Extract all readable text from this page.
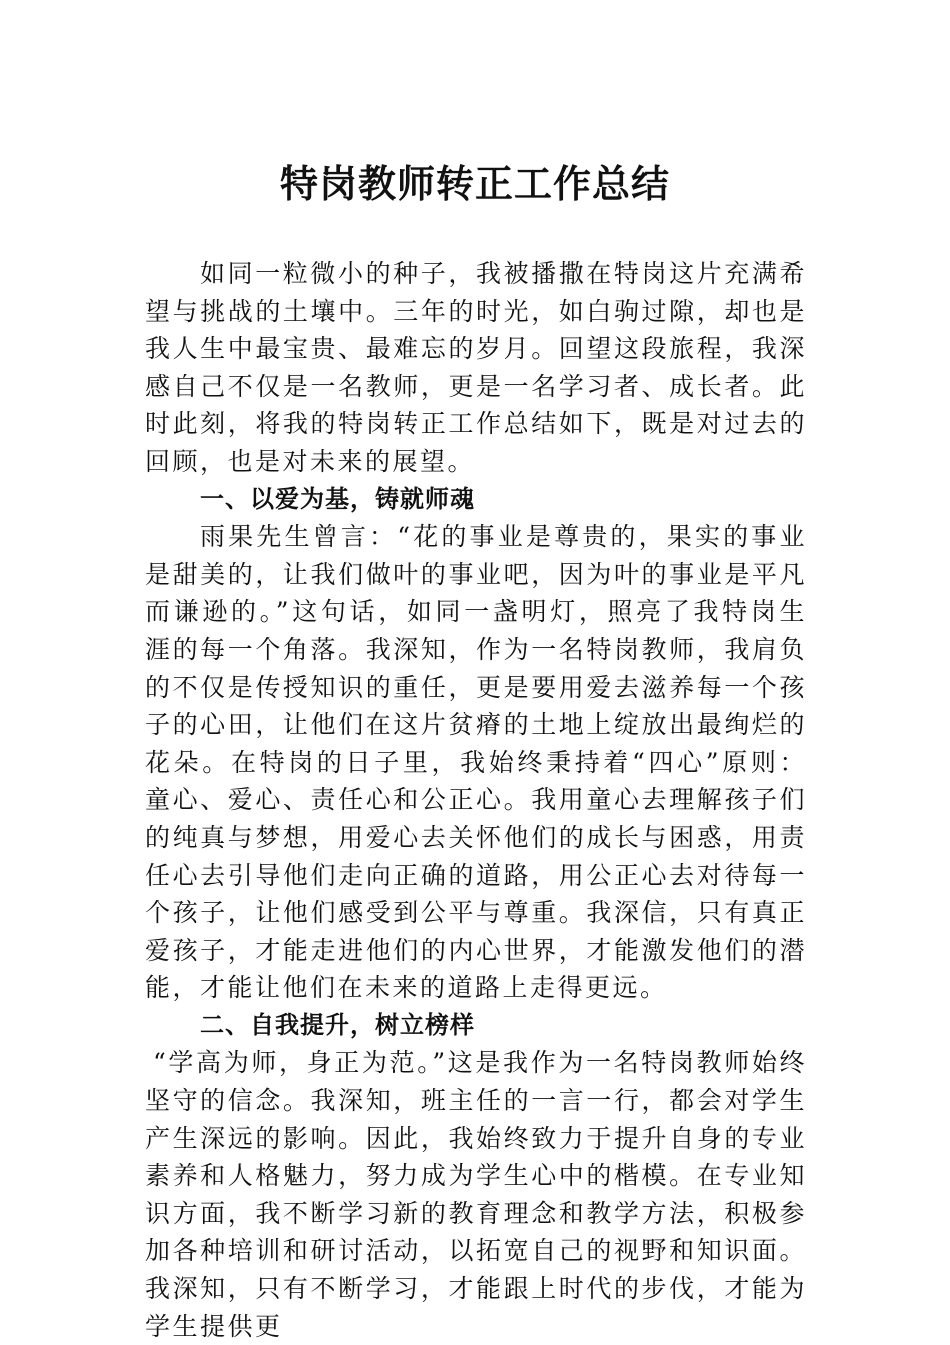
特岗教师转正工作总结

如同一粒微小的种子，我被播撒在特岗这片充满希望与挑战的土壤中。三年的时光，如白驹过隙，却也是我人生中最宝贵、最难忘的岁月。回望这段旅程，我深感自己不仅是一名教师，更是一名学习者、成长者。此时此刻，将我的特岗转正工作总结如下，既是对过去的回顾，也是对未来的展望。

一、以爱为基，铸就师魂

雨果先生曾言：“花的事业是尊贵的，果实的事业是甜美的，让我们做叶的事业吧，因为叶的事业是平凡而谦逊的。”这句话，如同一盏明灯，照亮了我特岗生涯的每一个角落。我深知，作为一名特岗教师，我肩负的不仅是传授知识的重任，更是要用爱去滋养每一个孩子的心田，让他们在这片贫瘠的土地上绽放出最绚烂的花朵。在特岗的日子里，我始终秉持着“四心”原则：童心、爱心、责任心和公正心。我用童心去理解孩子们的纯真与梦想，用爱心去关怀他们的成长与困惑，用责任心去引导他们走向正确的道路，用公正心去对待每一个孩子，让他们感受到公平与尊重。我深信，只有真正爱孩子，才能走进他们的内心世界，才能激发他们的潜能，才能让他们在未来的道路上走得更远。

二、自我提升，树立榜样

“学高为师，身正为范。”这是我作为一名特岗教师始终坚守的信念。我深知，班主任的一言一行，都会对学生产生深远的影响。因此，我始终致力于提升自身的专业素养和人格魅力，努力成为学生心中的楷模。在专业知识方面，我不断学习新的教育理念和教学方法，积极参加各种培训和研讨活动，以拓宽自己的视野和知识面。我深知，只有不断学习，才能跟上时代的步伐，才能为学生提供更
